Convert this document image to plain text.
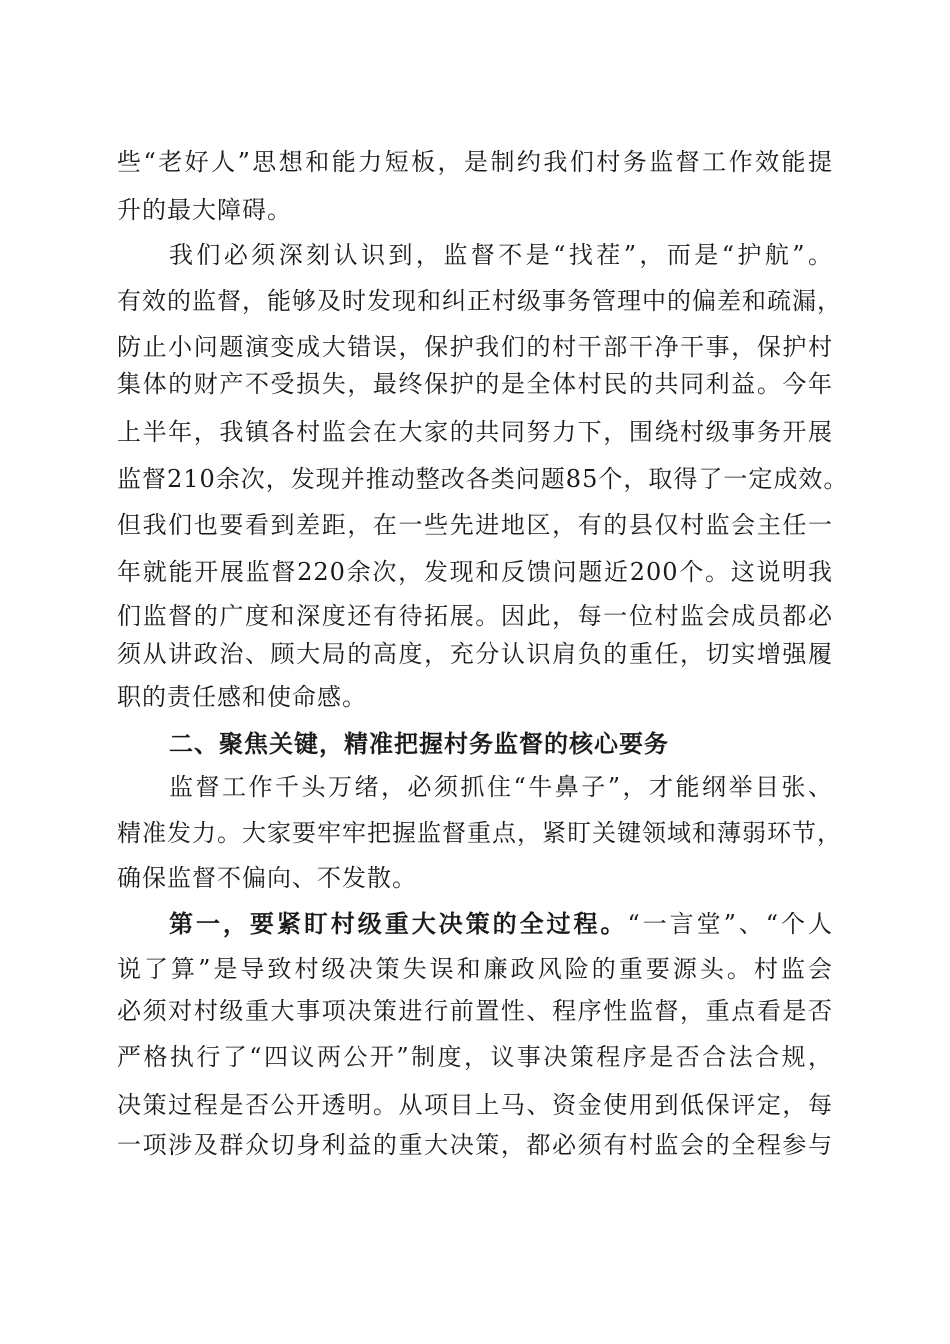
些“老好人”思想和能力短板，是制约我们村务监督工作效能提
升的最大障碍。
我们必须深刻认识到，监督不是“找茬”，而是“护航”。
有效的监督，能够及时发现和纠正村级事务管理中的偏差和疏漏，
防止小问题演变成大错误，保护我们的村干部干净干事，保护村
集体的财产不受损失，最终保护的是全体村民的共同利益。今年
上半年，我镇各村监会在大家的共同努力下，围绕村级事务开展
监督210余次，发现并推动整改各类问题85个，取得了一定成效。
但我们也要看到差距，在一些先进地区，有的县仅村监会主任一
年就能开展监督220余次，发现和反馈问题近200个。这说明我
们监督的广度和深度还有待拓展。因此，每一位村监会成员都必
须从讲政治、顾大局的高度，充分认识肩负的重任，切实增强履
职的责任感和使命感。
二、聚焦关键，精准把握村务监督的核心要务
监督工作千头万绪，必须抓住“牛鼻子”，才能纲举目张、
精准发力。大家要牢牢把握监督重点，紧盯关键领域和薄弱环节，
确保监督不偏向、不发散。
第一，要紧盯村级重大决策的全过程。“一言堂”、“个人
说了算”是导致村级决策失误和廉政风险的重要源头。村监会
必须对村级重大事项决策进行前置性、程序性监督，重点看是否
严格执行了“四议两公开”制度，议事决策程序是否合法合规，
决策过程是否公开透明。从项目上马、资金使用到低保评定，每
一项涉及群众切身利益的重大决策，都必须有村监会的全程参与
